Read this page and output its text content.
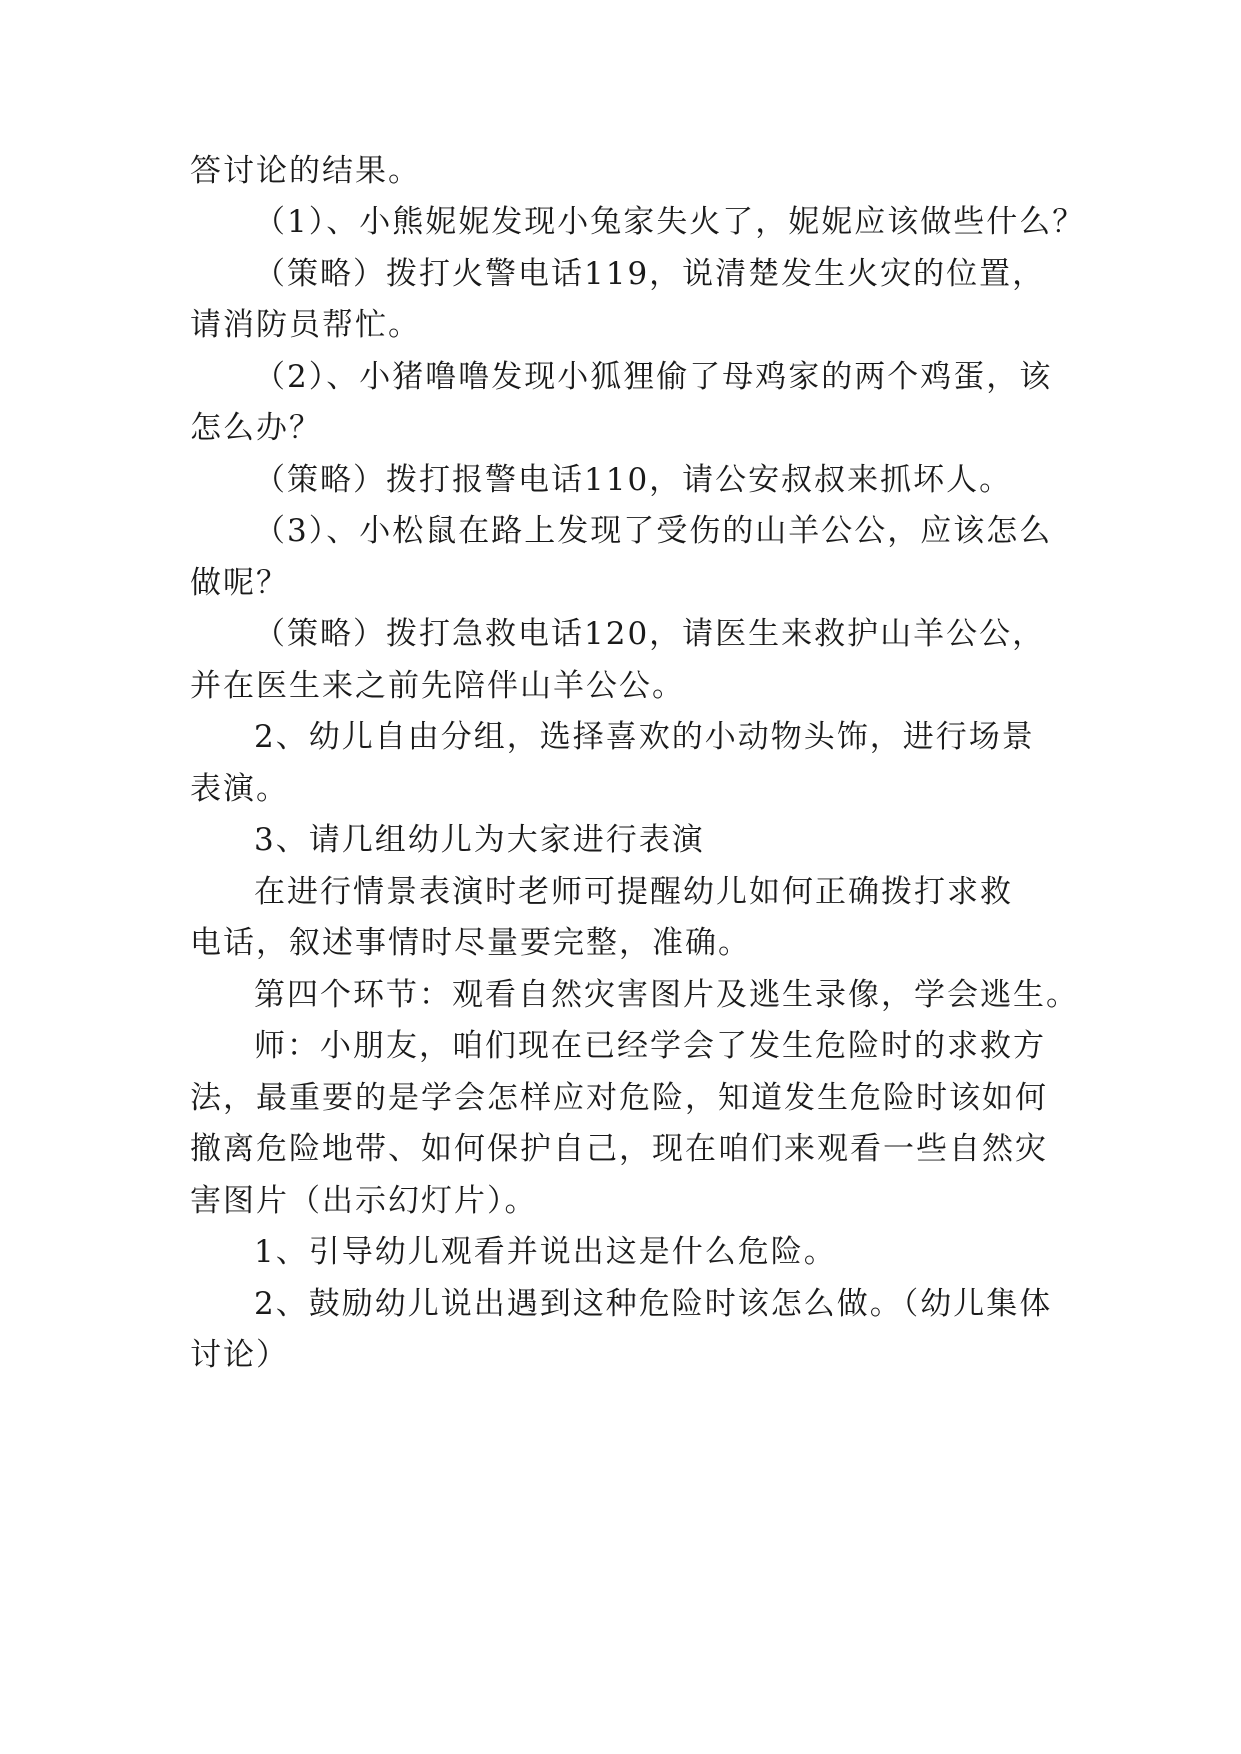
答讨论的结果。
（1）、小熊妮妮发现小兔家失火了，妮妮应该做些什么？
（策略）拨打火警电话119，说清楚发生火灾的位置，
请消防员帮忙。
（2）、小猪噜噜发现小狐狸偷了母鸡家的两个鸡蛋，该
怎么办？
（策略）拨打报警电话110，请公安叔叔来抓坏人。
（3）、小松鼠在路上发现了受伤的山羊公公，应该怎么
做呢？
（策略）拨打急救电话120，请医生来救护山羊公公，
并在医生来之前先陪伴山羊公公。
2、幼儿自由分组，选择喜欢的小动物头饰，进行场景
表演。
3、请几组幼儿为大家进行表演
在进行情景表演时老师可提醒幼儿如何正确拨打求救
电话，叙述事情时尽量要完整，准确。
第四个环节：观看自然灾害图片及逃生录像，学会逃生。
师：小朋友，咱们现在已经学会了发生危险时的求救方
法，最重要的是学会怎样应对危险，知道发生危险时该如何
撤离危险地带、如何保护自己，现在咱们来观看一些自然灾
害图片（出示幻灯片）。
1、引导幼儿观看并说出这是什么危险。
2、鼓励幼儿说出遇到这种危险时该怎么做。（幼儿集体
讨论）
